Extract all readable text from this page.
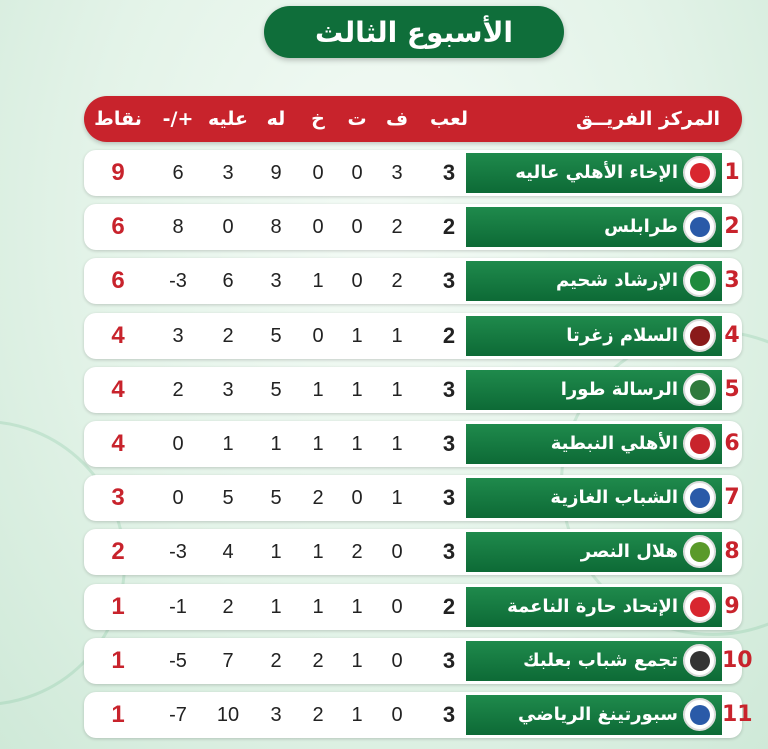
الأسبوع الثالث
المركز الفريــق
لعب
ف
ت
خ
له
عليه
+/-
نقاط
1
الإخاء الأهلي عاليه
3
3
0
0
9
3
6
9
2
طرابلس
2
2
0
0
8
0
8
6
3
الإرشاد شحيم
3
2
0
1
3
6
-3
6
4
السلام زغرتا
2
1
1
0
5
2
3
4
5
الرسالة طورا
3
1
1
1
5
3
2
4
6
الأهلي النبطية
3
1
1
1
1
1
0
4
7
الشباب الغازية
3
1
0
2
5
5
0
3
8
هلال النصر
3
0
2
1
1
4
-3
2
9
الإتحاد حارة الناعمة
2
0
1
1
1
2
-1
1
10
تجمع شباب بعلبك
3
0
1
2
2
7
-5
1
11
سبورتينغ الرياضي
3
0
1
2
3
10
-7
1
